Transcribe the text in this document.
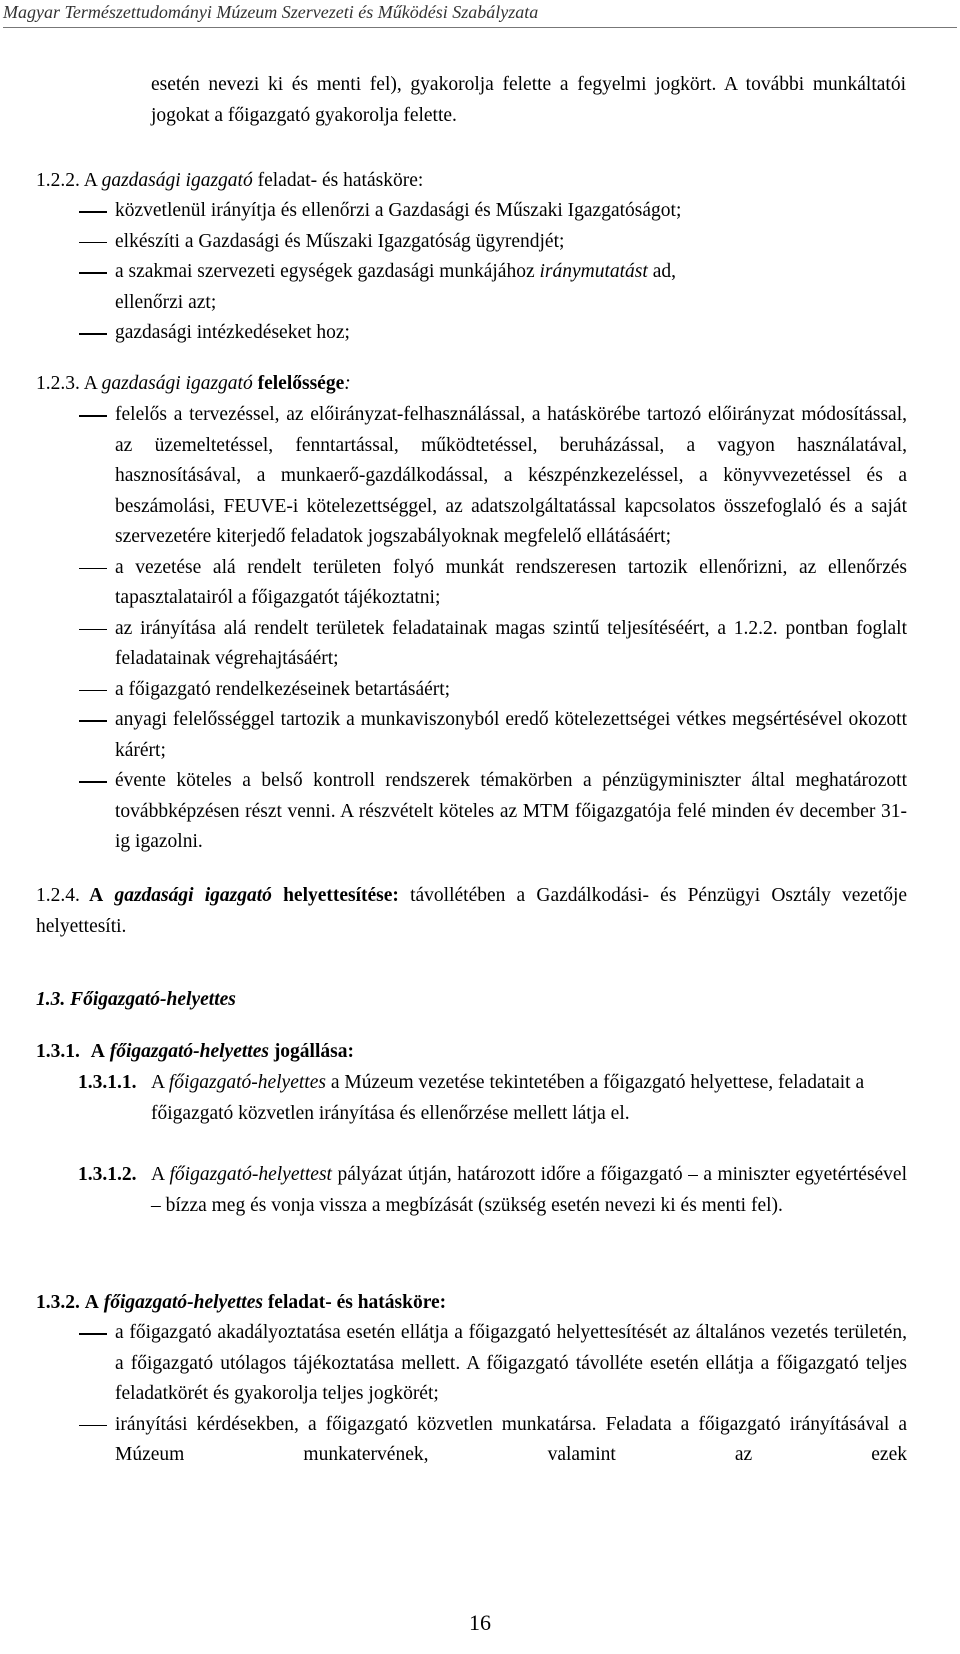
Magyar Természettudományi Múzeum Szervezeti és Működési Szabályzata
esetén nevezi ki és menti fel), gyakorolja felette a fegyelmi jogkört. A további munkáltatói jogokat a főigazgató gyakorolja felette.
1.2.2. A gazdasági igazgató feladat- és hatásköre:
közvetlenül irányítja és ellenőrzi a Gazdasági és Műszaki Igazgatóságot;
elkészíti a Gazdasági és Műszaki Igazgatóság ügyrendjét;
a szakmai szervezeti egységek gazdasági munkájához iránymutatást ad,
ellenőrzi azt;
gazdasági intézkedéseket hoz;
1.2.3. A gazdasági igazgató felelőssége:
felelős a tervezéssel, az előirányzat-felhasználással, a hatáskörébe tartozó előirányzat módosítással, az üzemeltetéssel, fenntartással, működtetéssel, beruházással, a vagyon használatával, hasznosításával, a munkaerő-gazdálkodással, a készpénzkezeléssel, a könyvvezetéssel és a beszámolási, FEUVE-i kötelezettséggel, az adatszolgáltatással kapcsolatos összefoglaló és a saját szervezetére kiterjedő feladatok jogszabályoknak megfelelő ellátásáért;
a vezetése alá rendelt területen folyó munkát rendszeresen tartozik ellenőrizni, az ellenőrzés tapasztalatairól a főigazgatót tájékoztatni;
az irányítása alá rendelt területek feladatainak magas szintű teljesítéséért, a 1.2.2. pontban foglalt feladatainak végrehajtásáért;
a főigazgató rendelkezéseinek betartásáért;
anyagi felelősséggel tartozik a munkaviszonyból eredő kötelezettségei vétkes megsértésével okozott kárért;
évente köteles a belső kontroll rendszerek témakörben a pénzügyminiszter által meghatározott továbbképzésen részt venni. A részvételt köteles az MTM főigazgatója felé minden év december 31-ig igazolni.
1.2.4. A gazdasági igazgató helyettesítése: távollétében a Gazdálkodási- és Pénzügyi Osztály vezetője helyettesíti.
1.3. Főigazgató-helyettes
1.3.1. A főigazgató-helyettes jogállása:
1.3.1.1. A főigazgató-helyettes a Múzeum vezetése tekintetében a főigazgató helyettese, feladatait a főigazgató közvetlen irányítása és ellenőrzése mellett látja el.
1.3.1.2. A főigazgató-helyettest pályázat útján, határozott időre a főigazgató – a miniszter egyetértésével – bízza meg és vonja vissza a megbízását (szükség esetén nevezi ki és menti fel).
1.3.2. A főigazgató-helyettes feladat- és hatásköre:
a főigazgató akadályoztatása esetén ellátja a főigazgató helyettesítését az általános vezetés területén, a főigazgató utólagos tájékoztatása mellett. A főigazgató távolléte esetén ellátja a főigazgató teljes feladatkörét és gyakorolja teljes jogkörét;
irányítási kérdésekben, a főigazgató közvetlen munkatársa. Feladata a főigazgató irányításával a Múzeum munkatervének, valamint az ezek
16
